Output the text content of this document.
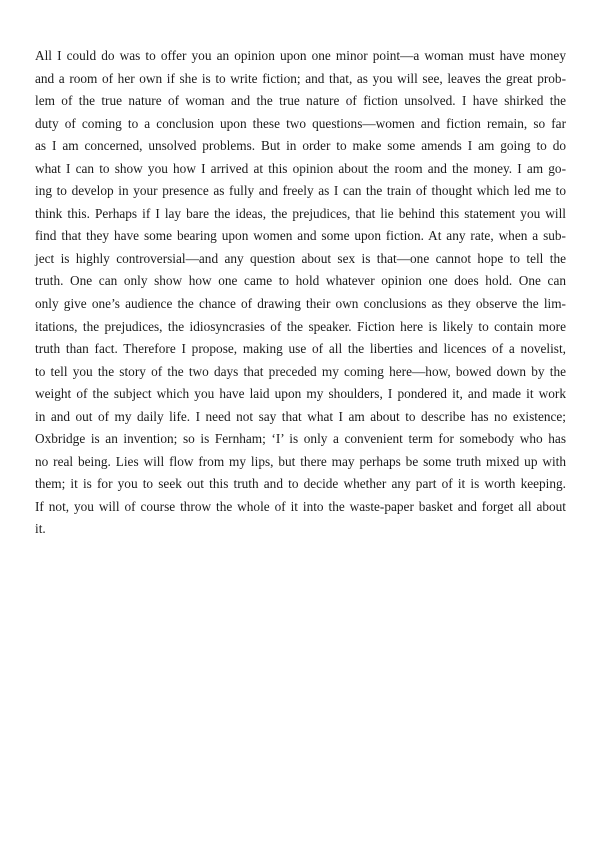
All I could do was to offer you an opinion upon one minor point—a woman must have money
and a room of her own if she is to write fiction; and that, as you will see, leaves the great prob-
lem of the true nature of woman and the true nature of fiction unsolved. I have shirked the
duty of coming to a conclusion upon these two questions—women and fiction remain, so far
as I am concerned, unsolved problems. But in order to make some amends I am going to do
what I can to show you how I arrived at this opinion about the room and the money. I am go-
ing to develop in your presence as fully and freely as I can the train of thought which led me to
think this. Perhaps if I lay bare the ideas, the prejudices, that lie behind this statement you will
find that they have some bearing upon women and some upon fiction. At any rate, when a sub-
ject is highly controversial—and any question about sex is that—one cannot hope to tell the
truth. One can only show how one came to hold whatever opinion one does hold. One can
only give one’s audience the chance of drawing their own conclusions as they observe the lim-
itations, the prejudices, the idiosyncrasies of the speaker. Fiction here is likely to contain more
truth than fact. Therefore I propose, making use of all the liberties and licences of a novelist,
to tell you the story of the two days that preceded my coming here—how, bowed down by the
weight of the subject which you have laid upon my shoulders, I pondered it, and made it work
in and out of my daily life. I need not say that what I am about to describe has no existence;
Oxbridge is an invention; so is Fernham; ‘I’ is only a convenient term for somebody who has
no real being. Lies will flow from my lips, but there may perhaps be some truth mixed up with
them; it is for you to seek out this truth and to decide whether any part of it is worth keeping.
If not, you will of course throw the whole of it into the waste-paper basket and forget all about
it.
